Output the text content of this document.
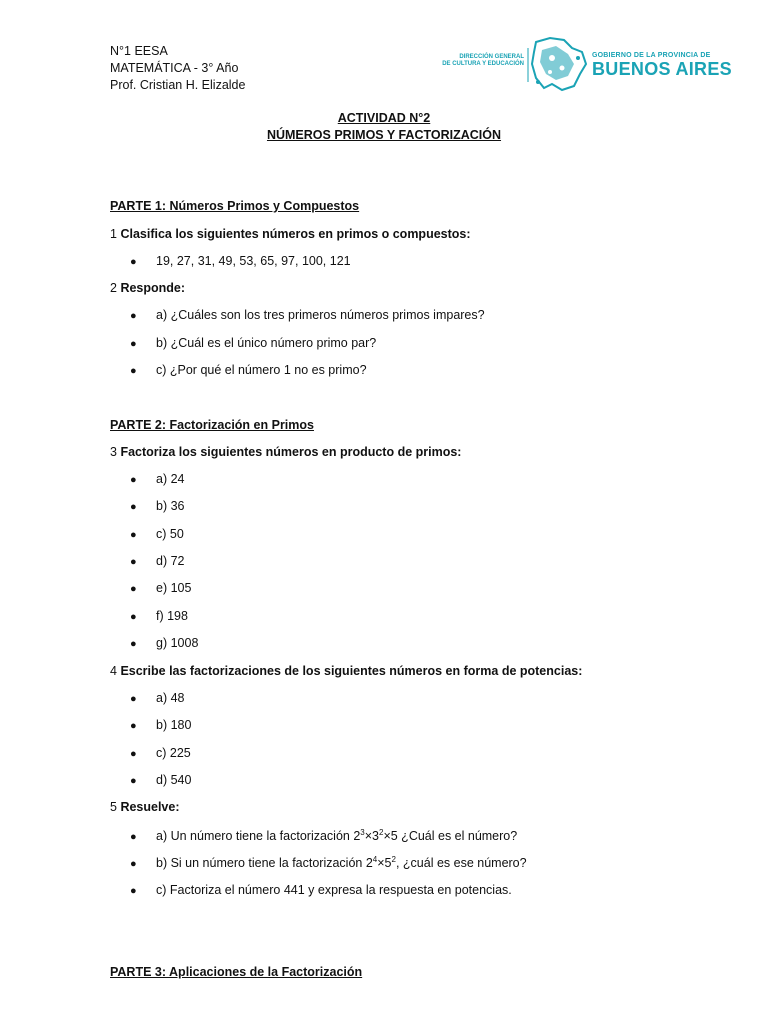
N°1 EESA
MATEMÁTICA - 3° Año
Prof. Cristian H. Elizalde
DIRECCIÓN GENERAL
DE CULTURA Y EDUCACIÓN
GOBIERNO DE LA PROVINCIA DE
BUENOS AIRES
ACTIVIDAD N°2
NÚMEROS PRIMOS Y FACTORIZACIÓN
PARTE 1: Números Primos y Compuestos
1 Clasifica los siguientes números en primos o compuestos:
● 19, 27, 31, 49, 53, 65, 97, 100, 121
2 Responde:
● a) ¿Cuáles son los tres primeros números primos impares?
● b) ¿Cuál es el único número primo par?
● c) ¿Por qué el número 1 no es primo?
PARTE 2: Factorización en Primos
3 Factoriza los siguientes números en producto de primos:
● a) 24
● b) 36
● c) 50
● d) 72
● e) 105
● f) 198
● g) 1008
4 Escribe las factorizaciones de los siguientes números en forma de potencias:
● a) 48
● b) 180
● c) 225
● d) 540
5 Resuelve:
● a) Un número tiene la factorización $2^3\times 3^2\times 5$ ¿Cuál es el número?
● b) Si un número tiene la factorización $2^4\times 5^2$, ¿cuál es ese número?
● c) Factoriza el número 441 y expresa la respuesta en potencias.
PARTE 3: Aplicaciones de la Factorización
